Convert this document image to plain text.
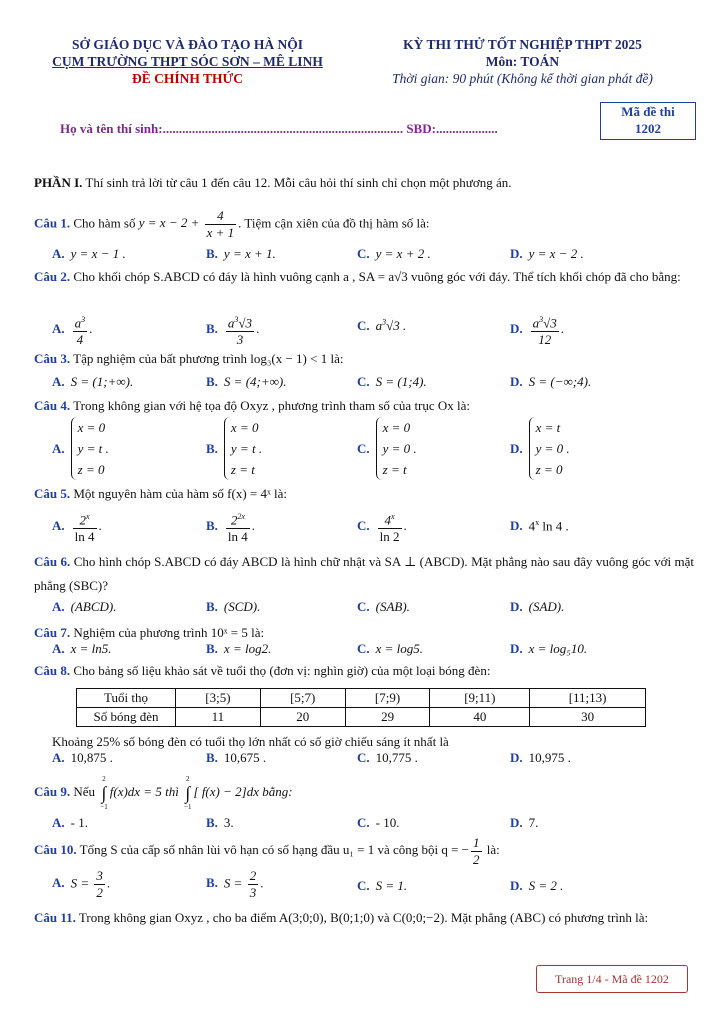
SỞ GIÁO DỤC VÀ ĐÀO TẠO HÀ NỘI
CỤM TRƯỜNG THPT SÓC SƠN – MÊ LINH
ĐỀ CHÍNH THỨC
KỲ THI THỬ TỐT NGHIỆP THPT 2025
Môn: TOÁN
Thời gian: 90 phút (Không kể thời gian phát đề)
Mã đề thi
1202
Họ và tên thí sinh:.......................................................................... SBD:...................
PHẦN I. Thí sinh trả lời từ câu 1 đến câu 12. Mỗi câu hỏi thí sinh chỉ chọn một phương án.
Câu 1. Cho hàm số $y = x - 2 + \frac{4}{x + 1}$ . Tiệm cận xiên của đồ thị hàm số là:
A. y = x − 1 .	B. y = x + 1.	C. y = x + 2 .	D. y = x − 2 .
Câu 2. Cho khối chóp S.ABCD có đáy là hình vuông cạnh a , SA = a√3 vuông góc với đáy. Thể tích khối chóp đã cho bằng:
A. $\frac{a^3}{4}$ .	B. $\frac{a^3√3}{3}$ .	C. $a^3√3$ .	D. $\frac{a^3√3}{12}$ .
Câu 3. Tập nghiệm của bất phương trình log₃(x − 1) < 1 là:
A. S = (1;+∞).	B. S = (4;+∞).	C. S = (1;4).	D. S = (−∞;4).
Câu 4. Trong không gian với hệ tọa độ Oxyz , phương trình tham số của trục Ox là:
A.x = 0
y = t .
z = 0
B.x = 0
y = t .
z = t
C.x = 0
y = 0 .
z = t
D.x = t
y = 0 .
z = 0
Câu 5. Một nguyên hàm của hàm số f(x) = 4ˣ là:
A. $\frac{2^x}{\ln 4}$ .	B. $\frac{2^{2x}}{\ln 4}$ .	C. $\frac{4^x}{\ln 2}$ .	D. 4$^x$ ln 4 .
Câu 6. Cho hình chóp S.ABCD có đáy ABCD là hình chữ nhật và SA ⊥ (ABCD). Mặt phẳng nào sau đây vuông góc với mặt phẳng (SBC)?
A. (ABCD).	B. (SCD).	C. (SAB).	D. (SAD).
Câu 7. Nghiệm của phương trình 10ˣ = 5 là:
A. x = ln5.	B. x = log2.	C. x = log5.	D. x = log₅10.
Câu 8. Cho bảng số liệu khảo sát về tuổi thọ (đơn vị: nghìn giờ) của một loại bóng đèn:
Tuổi thọ	[3;5)	[5;7)	[7;9)	[9;11)	[11;13)
Số bóng đèn	11	20	29	40	30
Khoảng 25% số bóng đèn có tuổi thọ lớn nhất có số giờ chiếu sáng ít nhất là
A. 10,875 .	B. 10,675 .	C. 10,775 .	D. 10,975 .
Câu 9. Nếu 2
∫
−1f(x)dx = 5 thì 2
∫
−1[ f(x) − 2]dx bằng:
A. - 1.	B. 3.	C. - 10.	D. 7.
Câu 10. Tổng S của cấp số nhân lùi vô hạn có số hạng đầu u₁ = 1 và công bội q = − $\frac{1}{2}$ là:
A. $S = \frac{3}{2}$ .	B. $S = \frac{2}{3}$ .	C. S = 1.	D. S = 2 .
Câu 11. Trong không gian Oxyz , cho ba điểm A(3;0;0), B(0;1;0) và C(0;0;−2). Mặt phẳng (ABC) có phương trình là:
Trang 1/4 - Mã đề 1202
